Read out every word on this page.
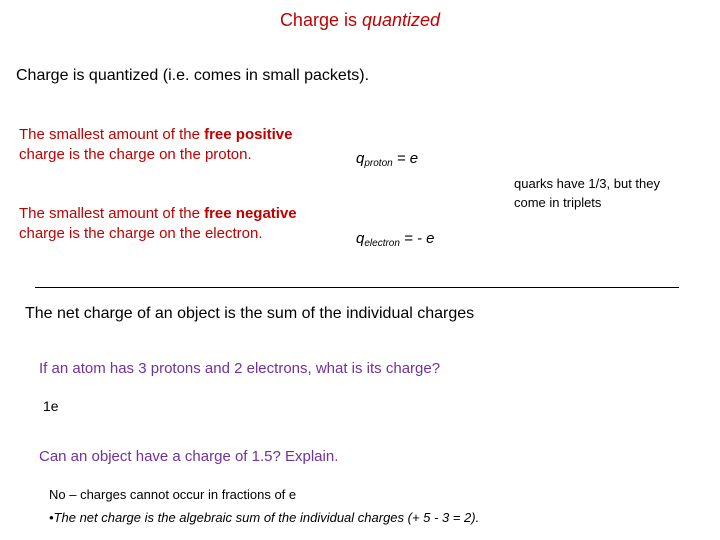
Charge is quantized
Charge is quantized (i.e. comes in small packets).
The smallest amount of the free positive
charge is the charge on the proton.	$q_{proton} = e$
quarks have 1/3, but they
come in triplets
The smallest amount of the free negative
charge is the charge on the electron.	$q_{electron}$ = - e
The net charge of an object is the sum of the individual charges
If an atom has 3 protons and 2 electrons, what is its charge?
1e
Can an object have a charge of 1.5? Explain.
No – charges cannot occur in fractions of e
•The net charge is the algebraic sum of the individual charges (+ 5 - 3 = 2).
